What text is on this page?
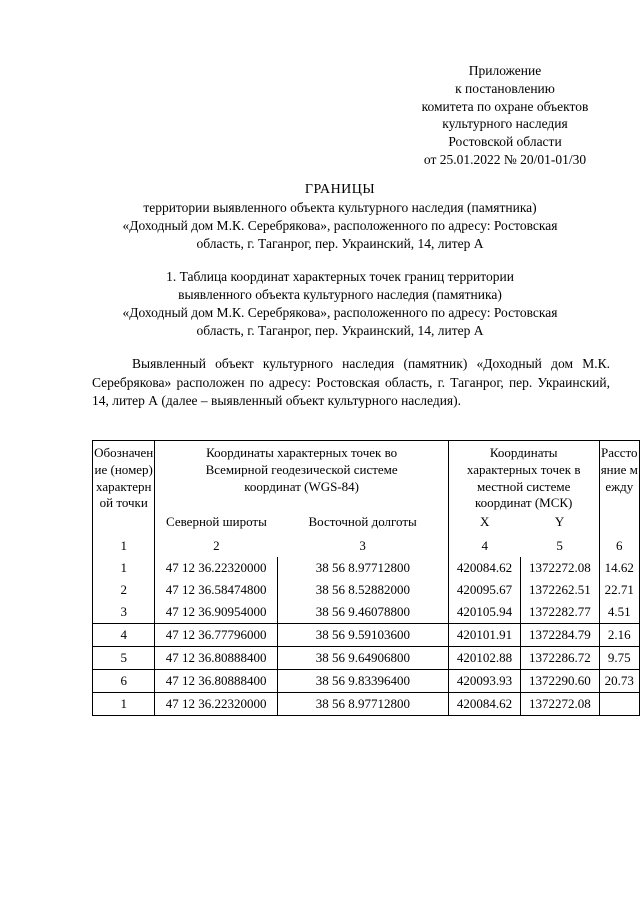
Приложение
к постановлению
комитета по охране объектов
культурного наследия
Ростовской области
от 25.01.2022 № 20/01-01/30
ГРАНИЦЫ
территории выявленного объекта культурного наследия (памятника)
«Доходный дом М.К. Серебрякова», расположенного по адресу: Ростовская
область, г. Таганрог, пер. Украинский, 14, литер А
1. Таблица координат характерных точек границ территории
выявленного объекта культурного наследия (памятника)
«Доходный дом М.К. Серебрякова», расположенного по адресу: Ростовская
область, г. Таганрог, пер. Украинский, 14, литер А
Выявленный объект культурного наследия (памятник) «Доходный дом М.К. Серебрякова» расположен по адресу: Ростовская область, г. Таганрог, пер. Украинский, 14, литер А (далее – выявленный объект культурного наследия).
Обозначение (номер) характерной точки	Координаты характерных точек во Всемирной геодезической системе координат (WGS-84)		Координаты характерных точек в местной системе координат (МСК)		Расстояние между

	Северной широты	Восточной долготы	X	Y	
1	2	3	4	5	6
1	47 12 36.22320000	38 56 8.97712800	420084.62	1372272.08	14.62
2	47 12 36.58474800	38 56 8.52882000	420095.67	1372262.51	22.71
3	47 12 36.90954000	38 56 9.46078800	420105.94	1372282.77	4.51
4	47 12 36.77796000	38 56 9.59103600	420101.91	1372284.79	2.16
5	47 12 36.80888400	38 56 9.64906800	420102.88	1372286.72	9.75
6	47 12 36.80888400	38 56 9.83396400	420093.93	1372290.60	20.73
1	47 12 36.22320000	38 56 8.97712800	420084.62	1372272.08	
